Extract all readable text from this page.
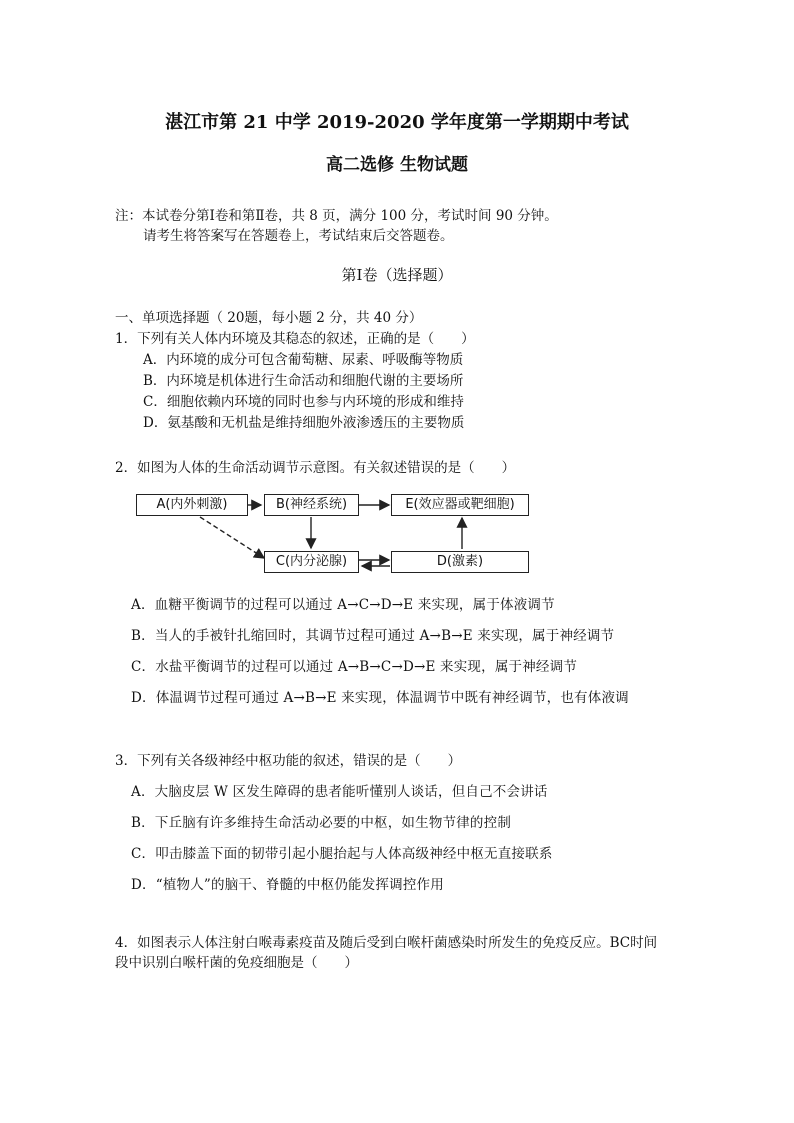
湛江市第 21 中学 2019-2020 学年度第一学期期中考试
高二选修 生物试题
注：本试卷分第Ⅰ卷和第Ⅱ卷，共 8 页，满分 100 分，考试时间 90 分钟。
请考生将答案写在答题卷上，考试结束后交答题卷。
第Ⅰ卷（选择题）
一、单项选择题（ 20题，每小题 2 分，共 40 分）
1．下列有关人体内环境及其稳态的叙述，正确的是（　　）
A．内环境的成分可包含葡萄糖、尿素、呼吸酶等物质
B．内环境是机体进行生命活动和细胞代谢的主要场所
C．细胞依赖内环境的同时也参与内环境的形成和维持
D．氨基酸和无机盐是维持细胞外液渗透压的主要物质
2．如图为人体的生命活动调节示意图。有关叙述错误的是（　　）
A(内外刺激)	B(神经系统)	E(效应器或靶细胞)
C(内分泌腺)	D(激素)
A．血糖平衡调节的过程可以通过 A→C→D→E 来实现，属于体液调节
B．当人的手被针扎缩回时，其调节过程可通过 A→B→E 来实现，属于神经调节
C．水盐平衡调节的过程可以通过 A→B→C→D→E 来实现，属于神经调节
D．体温调节过程可通过 A→B→E 来实现，体温调节中既有神经调节，也有体液调
3．下列有关各级神经中枢功能的叙述，错误的是（　　）
A．大脑皮层 W 区发生障碍的患者能听懂别人谈话，但自己不会讲话
B．下丘脑有许多维持生命活动必要的中枢，如生物节律的控制
C．叩击膝盖下面的韧带引起小腿抬起与人体高级神经中枢无直接联系
D．“植物人”的脑干、脊髓的中枢仍能发挥调控作用
4．如图表示人体注射白喉毒素疫苗及随后受到白喉杆菌感染时所发生的免疫反应。BC时间
段中识别白喉杆菌的免疫细胞是（　　）
